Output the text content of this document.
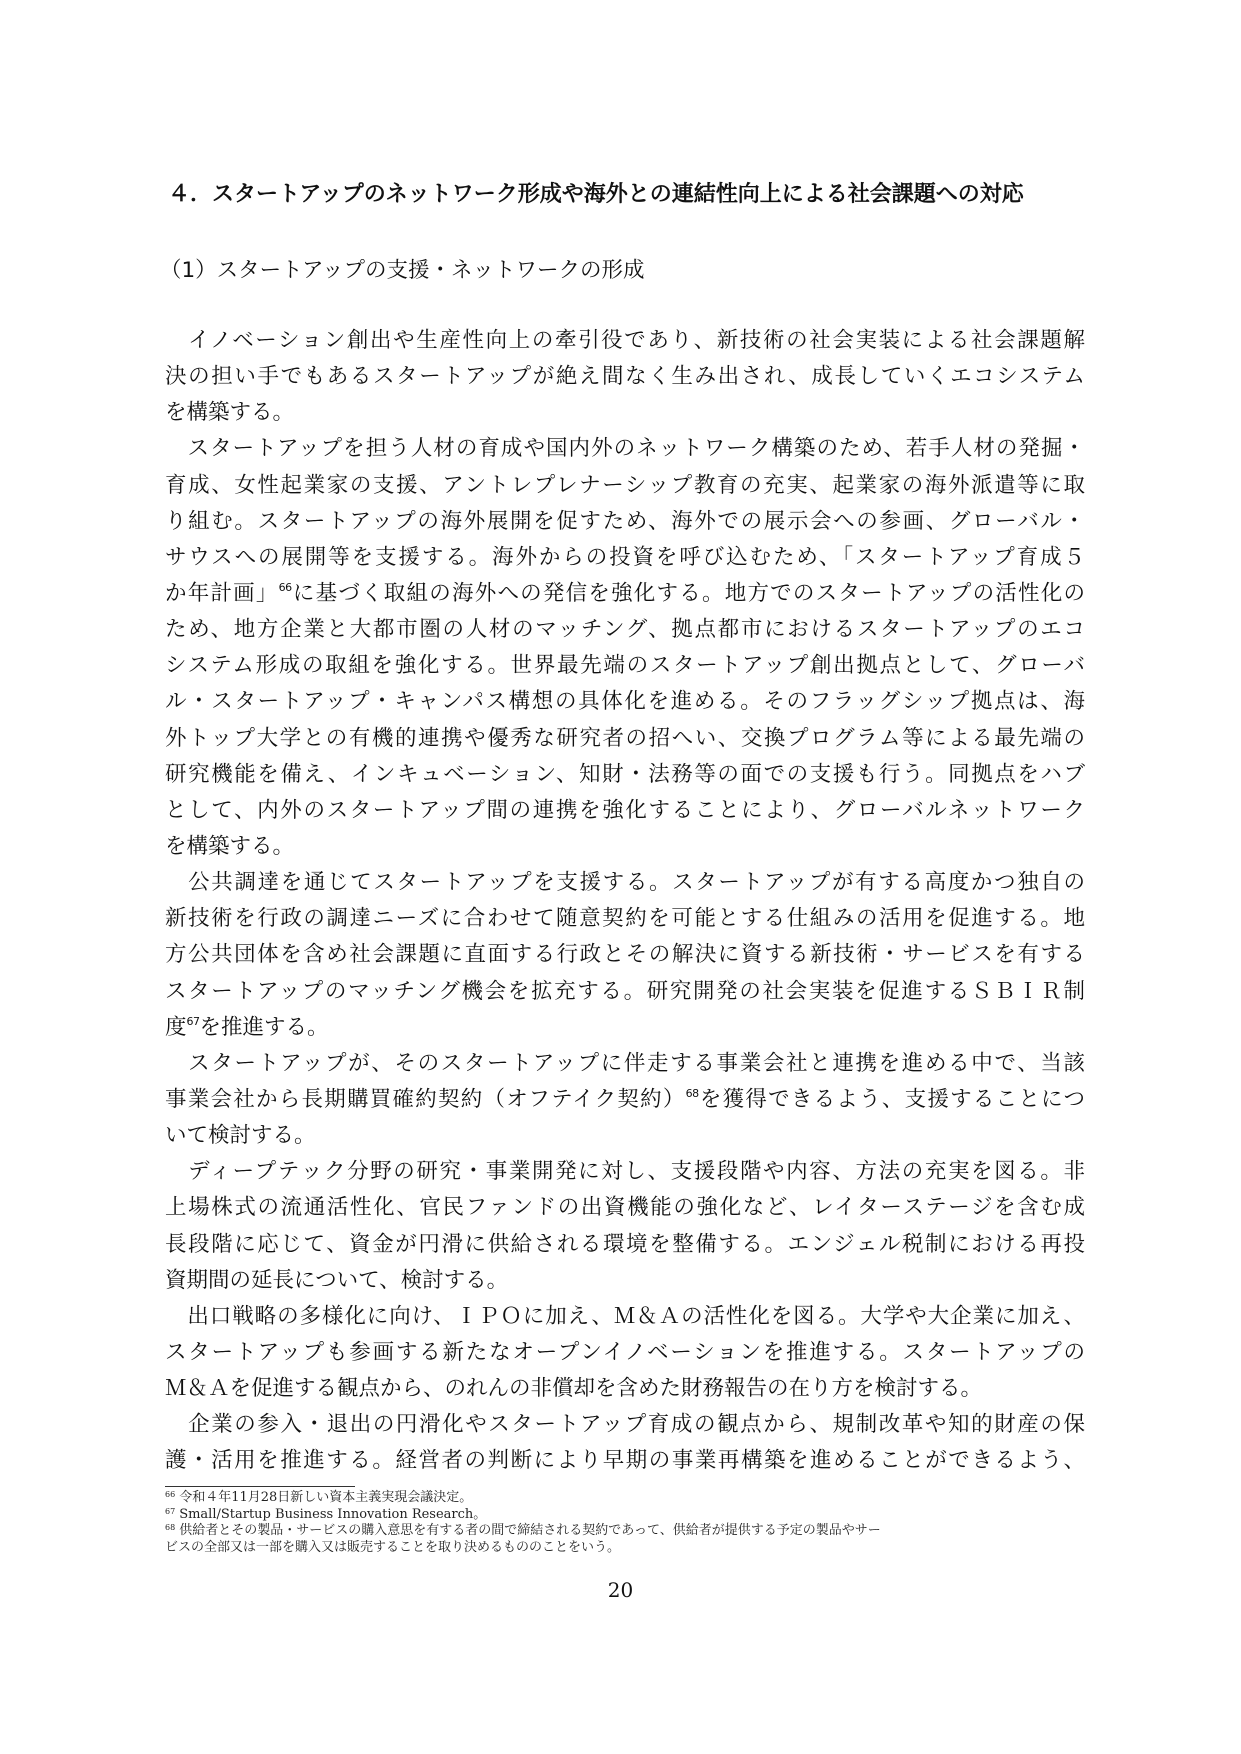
４．スタートアップのネットワーク形成や海外との連結性向上による社会課題への対応
（1）スタートアップの支援・ネットワークの形成
　イノベーション創出や生産性向上の牽引役であり、新技術の社会実装による社会課題解
決の担い手でもあるスタートアップが絶え間なく生み出され、成長していくエコシステム
を構築する。
　スタートアップを担う人材の育成や国内外のネットワーク構築のため、若手人材の発掘・
育成、女性起業家の支援、アントレプレナーシップ教育の充実、起業家の海外派遣等に取
り組む。スタートアップの海外展開を促すため、海外での展示会への参画、グローバル・
サウスへの展開等を支援する。海外からの投資を呼び込むため、「スタートアップ育成５
か年計画」$^{66}$に基づく取組の海外への発信を強化する。地方でのスタートアップの活性化の
ため、地方企業と大都市圏の人材のマッチング、拠点都市におけるスタートアップのエコ
システム形成の取組を強化する。世界最先端のスタートアップ創出拠点として、グローバ
ル・スタートアップ・キャンパス構想の具体化を進める。そのフラッグシップ拠点は、海
外トップ大学との有機的連携や優秀な研究者の招へい、交換プログラム等による最先端の
研究機能を備え、インキュベーション、知財・法務等の面での支援も行う。同拠点をハブ
として、内外のスタートアップ間の連携を強化することにより、グローバルネットワーク
を構築する。
　公共調達を通じてスタートアップを支援する。スタートアップが有する高度かつ独自の
新技術を行政の調達ニーズに合わせて随意契約を可能とする仕組みの活用を促進する。地
方公共団体を含め社会課題に直面する行政とその解決に資する新技術・サービスを有する
スタートアップのマッチング機会を拡充する。研究開発の社会実装を促進するＳＢＩＲ制
度$^{67}$を推進する。
　スタートアップが、そのスタートアップに伴走する事業会社と連携を進める中で、当該
事業会社から長期購買確約契約（オフテイク契約）$^{68}$を獲得できるよう、支援することにつ
いて検討する。
　ディープテック分野の研究・事業開発に対し、支援段階や内容、方法の充実を図る。非
上場株式の流通活性化、官民ファンドの出資機能の強化など、レイターステージを含む成
長段階に応じて、資金が円滑に供給される環境を整備する。エンジェル税制における再投
資期間の延長について、検討する。
　出口戦略の多様化に向け、ＩＰＯに加え、Ｍ＆Ａの活性化を図る。大学や大企業に加え、
スタートアップも参画する新たなオープンイノベーションを推進する。スタートアップの
Ｍ＆Ａを促進する観点から、のれんの非償却を含めた財務報告の在り方を検討する。
　企業の参入・退出の円滑化やスタートアップ育成の観点から、規制改革や知的財産の保
護・活用を推進する。経営者の判断により早期の事業再構築を進めることができるよう、
$^{66}$ 令和４年11月28日新しい資本主義実現会議決定。
$^{67}$ Small/Startup Business Innovation Research。
$^{68}$ 供給者とその製品・サービスの購入意思を有する者の間で締結される契約であって、供給者が提供する予定の製品やサー
ビスの全部又は一部を購入又は販売することを取り決めるもののことをいう。
20
